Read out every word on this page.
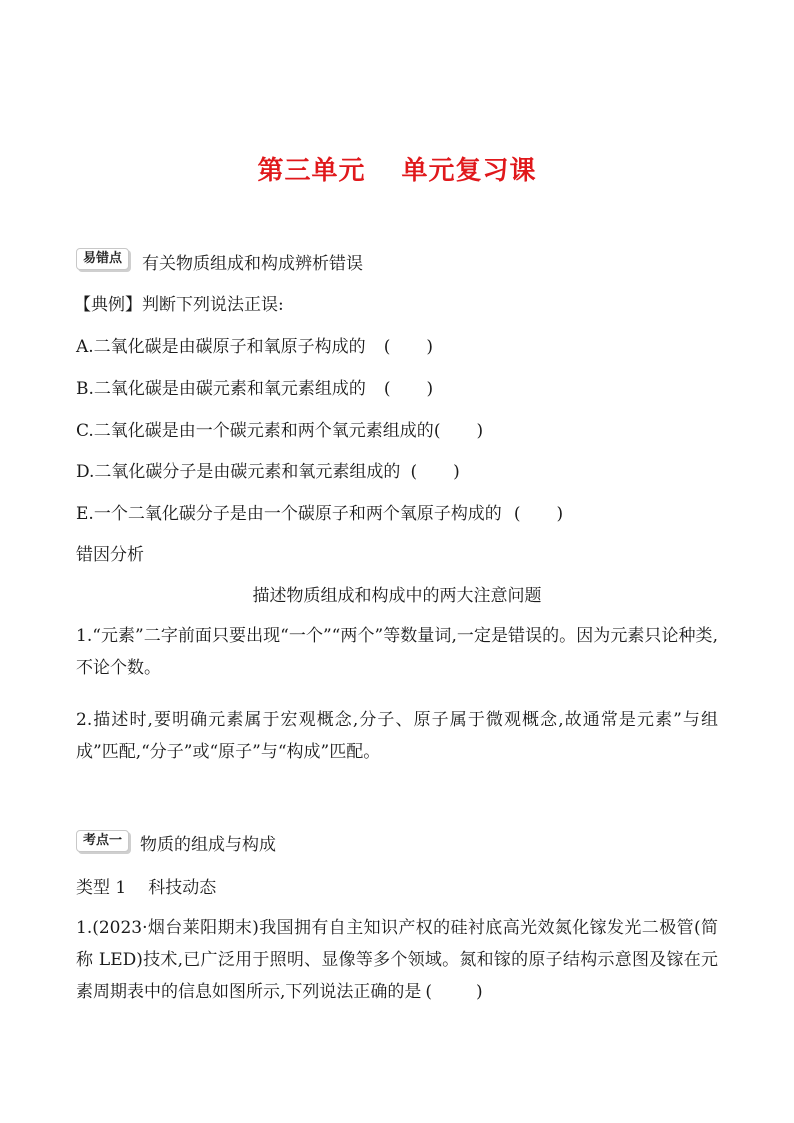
第三单元 单元复习课
易错点	有关物质组成和构成辨析错误
【典例】判断下列说法正误:
A.二氧化碳是由碳原子和氧原子构成的 ( )
B.二氧化碳是由碳元素和氧元素组成的 ( )
C.二氧化碳是由一个碳元素和两个氧元素组成的( )
D.二氧化碳分子是由碳元素和氧元素组成的 ( )
E.一个二氧化碳分子是由一个碳原子和两个氧原子构成的 ( )
错因分析
描述物质组成和构成中的两大注意问题
1.“元素”二字前面只要出现“一个”“两个”等数量词,一定是错误的。因为元素只论种类,不论个数。
2.描述时,要明确元素属于宏观概念,分子、原子属于微观概念,故通常是元素”与组成”匹配,“分子”或“原子”与“构成”匹配。
考点一	物质的组成与构成
类型 1 科技动态
1.(2023·烟台莱阳期末)我国拥有自主知识产权的硅衬底高光效氮化镓发光二极管(简称 LED)技术,已广泛用于照明、显像等多个领域。氮和镓的原子结构示意图及镓在元素周期表中的信息如图所示,下列说法正确的是 (	)
